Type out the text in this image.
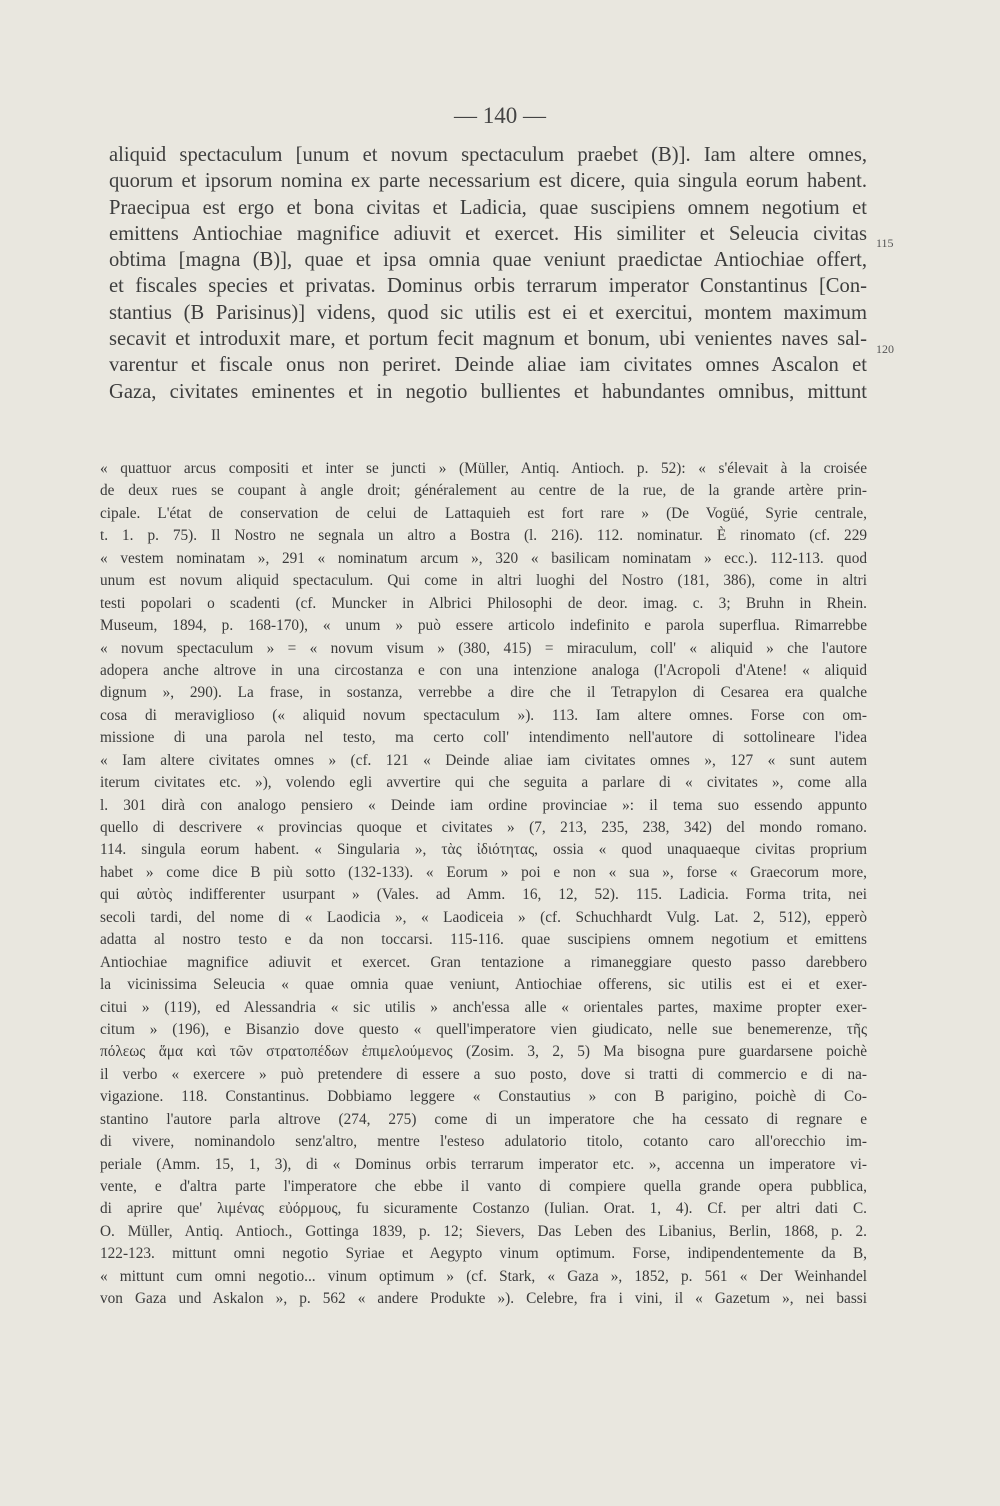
— 140 —
aliquid spectaculum [unum et novum spectaculum praebet (B)]. Iam altere omnes,
quorum et ipsorum nomina ex parte necessarium est dicere, quia singula eorum habent.
Praecipua est ergo et bona civitas et Ladicia, quae suscipiens omnem negotium et
emittens Antiochiae magnifice adiuvit et exercet. His similiter et Seleucia civitas
obtima [magna (B)], quae et ipsa omnia quae veniunt praedictae Antiochiae offert,
et fiscales species et privatas. Dominus orbis terrarum imperator Constantinus [Con-
stantius (B Parisinus)] videns, quod sic utilis est ei et exercitui, montem maximum
secavit et introduxit mare, et portum fecit magnum et bonum, ubi venientes naves sal-
varentur et fiscale onus non periret. Deinde aliae iam civitates omnes Ascalon et
Gaza, civitates eminentes et in negotio bullientes et habundantes omnibus, mittunt
115
120
« quattuor arcus compositi et inter se juncti » (Müller, Antiq. Antioch. p. 52): « s'élevait à la croisée
de deux rues se coupant à angle droit; généralement au centre de la rue, de la grande artère prin-
cipale. L'état de conservation de celui de Lattaquieh est fort rare » (De Vogüé, Syrie centrale,
t. 1. p. 75). Il Nostro ne segnala un altro a Bostra (l. 216). 112. nominatur. È rinomato (cf. 229
« vestem nominatam », 291 « nominatum arcum », 320 « basilicam nominatam » ecc.). 112-113. quod
unum est novum aliquid spectaculum. Qui come in altri luoghi del Nostro (181, 386), come in altri
testi popolari o scadenti (cf. Muncker in Albrici Philosophi de deor. imag. c. 3; Bruhn in Rhein.
Museum, 1894, p. 168-170), « unum » può essere articolo indefinito e parola superflua. Rimarrebbe
« novum spectaculum » = « novum visum » (380, 415) = miraculum, coll' « aliquid » che l'autore
adopera anche altrove in una circostanza e con una intenzione analoga (l'Acropoli d'Atene! « aliquid
dignum », 290). La frase, in sostanza, verrebbe a dire che il Tetrapylon di Cesarea era qualche
cosa di meraviglioso (« aliquid novum spectaculum »). 113. Iam altere omnes. Forse con om-
missione di una parola nel testo, ma certo coll' intendimento nell'autore di sottolineare l'idea
« Iam altere civitates omnes » (cf. 121 « Deinde aliae iam civitates omnes », 127 « sunt autem
iterum civitates etc. »), volendo egli avvertire qui che seguita a parlare di « civitates », come alla
l. 301 dirà con analogo pensiero « Deinde iam ordine provinciae »: il tema suo essendo appunto
quello di descrivere « provincias quoque et civitates » (7, 213, 235, 238, 342) del mondo romano.
114. singula eorum habent. « Singularia », τὰς ἰδιότητας, ossia « quod unaquaeque civitas proprium
habet » come dice B più sotto (132-133). « Eorum » poi e non « sua », forse « Graecorum more,
qui αὐτὸς indifferenter usurpant » (Vales. ad Amm. 16, 12, 52). 115. Ladicia. Forma trita, nei
secoli tardi, del nome di « Laodicia », « Laodiceia » (cf. Schuchhardt Vulg. Lat. 2, 512), epperò
adatta al nostro testo e da non toccarsi. 115-116. quae suscipiens omnem negotium et emittens
Antiochiae magnifice adiuvit et exercet. Gran tentazione a rimaneggiare questo passo darebbero
la vicinissima Seleucia « quae omnia quae veniunt, Antiochiae offerens, sic utilis est ei et exer-
citui » (119), ed Alessandria « sic utilis » anch'essa alle « orientales partes, maxime propter exer-
citum » (196), e Bisanzio dove questo « quell'imperatore vien giudicato, nelle sue benemerenze, τῆς
πόλεως ἅμα καὶ τῶν στρατοπέδων ἐπιμελούμενος (Zosim. 3, 2, 5) Ma bisogna pure guardarsene poichè
il verbo « exercere » può pretendere di essere a suo posto, dove si tratti di commercio e di na-
vigazione. 118. Constantinus. Dobbiamo leggere « Constautius » con B parigino, poichè di Co-
stantino l'autore parla altrove (274, 275) come di un imperatore che ha cessato di regnare e
di vivere, nominandolo senz'altro, mentre l'esteso adulatorio titolo, cotanto caro all'orecchio im-
periale (Amm. 15, 1, 3), di « Dominus orbis terrarum imperator etc. », accenna un imperatore vi-
vente, e d'altra parte l'imperatore che ebbe il vanto di compiere quella grande opera pubblica,
di aprire que' λιμένας εὐόρμους, fu sicuramente Costanzo (Iulian. Orat. 1, 4). Cf. per altri dati C.
O. Müller, Antiq. Antioch., Gottinga 1839, p. 12; Sievers, Das Leben des Libanius, Berlin, 1868, p. 2.
122-123. mittunt omni negotio Syriae et Aegypto vinum optimum. Forse, indipendentemente da B,
« mittunt cum omni negotio... vinum optimum » (cf. Stark, « Gaza », 1852, p. 561 « Der Weinhandel
von Gaza und Askalon », p. 562 « andere Produkte »). Celebre, fra i vini, il « Gazetum », nei bassi
